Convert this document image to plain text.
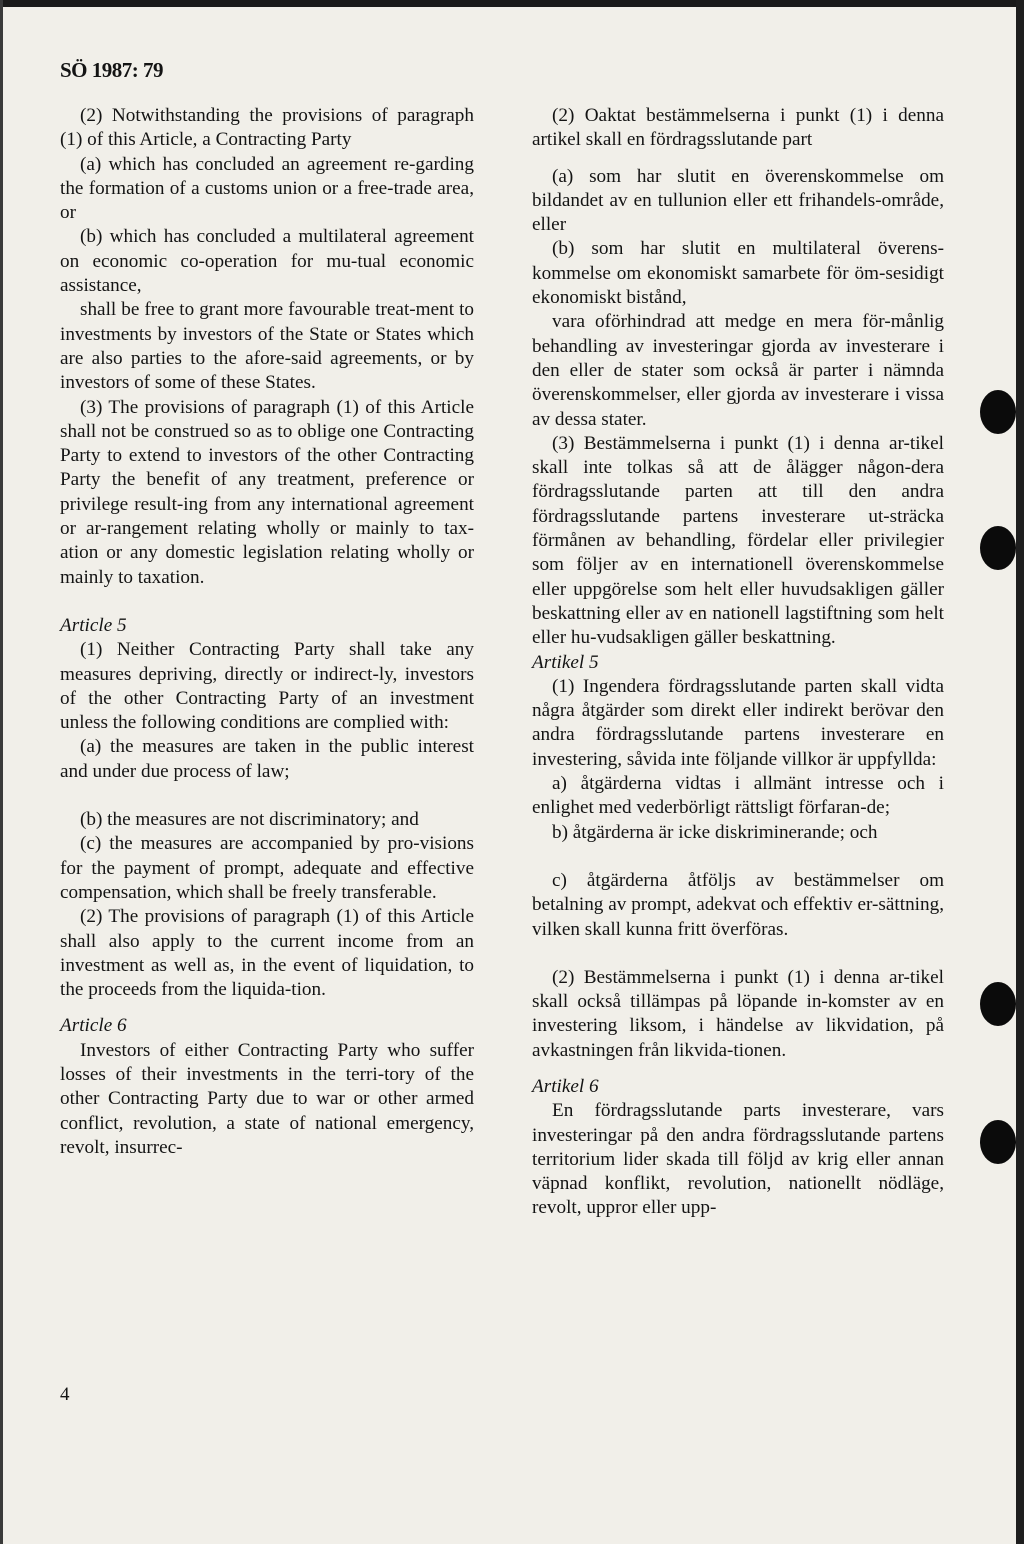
SÖ 1987: 79

(2) Notwithstanding the provisions of paragraph (1) of this Article, a Contracting Party

(a) which has concluded an agreement re-garding the formation of a customs union or a free-trade area, or

(b) which has concluded a multilateral agreement on economic co-operation for mu-tual economic assistance,

shall be free to grant more favourable treat-ment to investments by investors of the State or States which are also parties to the afore-said agreements, or by investors of some of these States.

(3) The provisions of paragraph (1) of this Article shall not be construed so as to oblige one Contracting Party to extend to investors of the other Contracting Party the benefit of any treatment, preference or privilege result-ing from any international agreement or ar-rangement relating wholly or mainly to tax-ation or any domestic legislation relating wholly or mainly to taxation.

Article 5

(1) Neither Contracting Party shall take any measures depriving, directly or indirect-ly, investors of the other Contracting Party of an investment unless the following conditions are complied with:

(a) the measures are taken in the public interest and under due process of law;

(b) the measures are not discriminatory; and

(c) the measures are accompanied by pro-visions for the payment of prompt, adequate and effective compensation, which shall be freely transferable.

(2) The provisions of paragraph (1) of this Article shall also apply to the current income from an investment as well as, in the event of liquidation, to the proceeds from the liquida-tion.

Article 6

Investors of either Contracting Party who suffer losses of their investments in the terri-tory of the other Contracting Party due to war or other armed conflict, revolution, a state of national emergency, revolt, insurrec-

(2) Oaktat bestämmelserna i punkt (1) i denna artikel skall en fördragsslutande part

(a) som har slutit en överenskommelse om bildandet av en tullunion eller ett frihandels-område, eller

(b) som har slutit en multilateral överens-kommelse om ekonomiskt samarbete för öm-sesidigt ekonomiskt bistånd,

vara oförhindrad att medge en mera för-månlig behandling av investeringar gjorda av investerare i den eller de stater som också är parter i nämnda överenskommelser, eller gjorda av investerare i vissa av dessa stater.

(3) Bestämmelserna i punkt (1) i denna ar-tikel skall inte tolkas så att de ålägger någon-dera fördragsslutande parten att till den andra fördragsslutande partens investerare ut-sträcka förmånen av behandling, fördelar eller privilegier som följer av en internationell överenskommelse eller uppgörelse som helt eller huvudsakligen gäller beskattning eller av en nationell lagstiftning som helt eller hu-vudsakligen gäller beskattning.

Artikel 5

(1) Ingendera fördragsslutande parten skall vidta några åtgärder som direkt eller indirekt berövar den andra fördragsslutande partens investerare en investering, såvida inte följande villkor är uppfyllda:

a) åtgärderna vidtas i allmänt intresse och i enlighet med vederbörligt rättsligt förfaran-de;

b) åtgärderna är icke diskriminerande; och

c) åtgärderna åtföljs av bestämmelser om betalning av prompt, adekvat och effektiv er-sättning, vilken skall kunna fritt överföras.

(2) Bestämmelserna i punkt (1) i denna ar-tikel skall också tillämpas på löpande in-komster av en investering liksom, i händelse av likvidation, på avkastningen från likvida-tionen.

Artikel 6

En fördragsslutande parts investerare, vars investeringar på den andra fördragsslutande partens territorium lider skada till följd av krig eller annan väpnad konflikt, revolution, nationellt nödläge, revolt, uppror eller upp-

4
